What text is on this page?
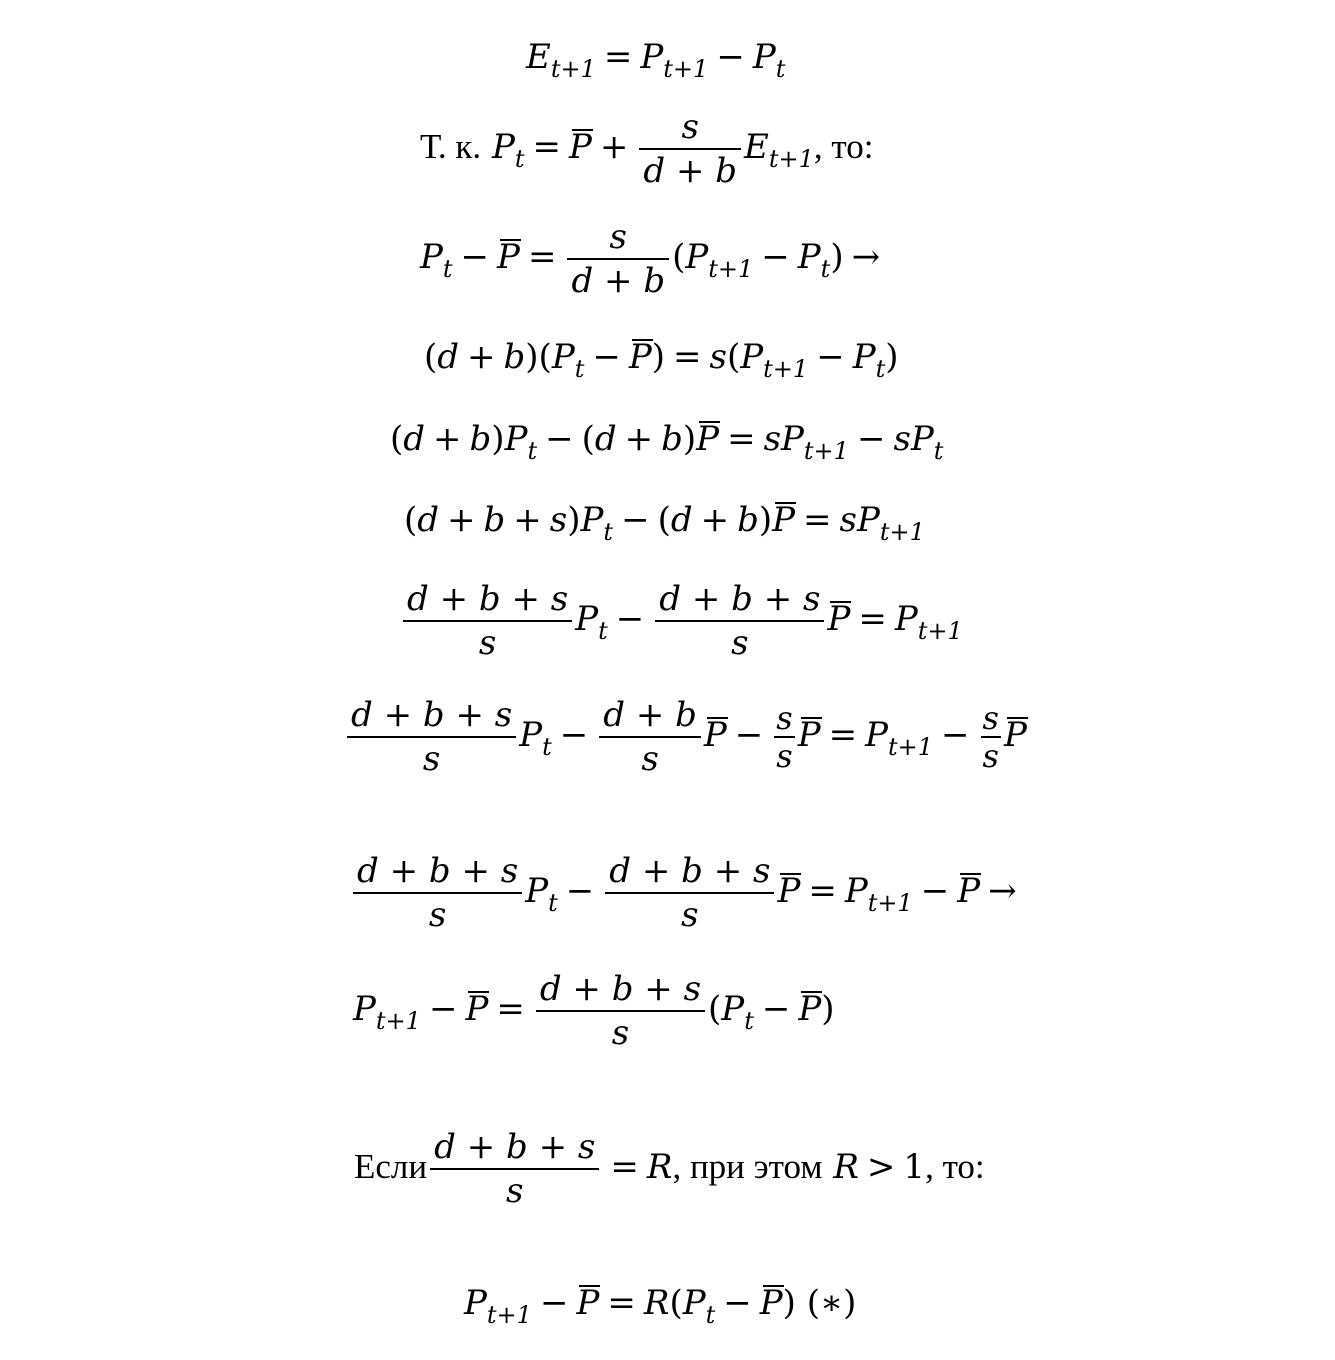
$E_{t+1} = P_{t+1} - P_t$
Т. к. $P_t = P + \frac{s}{d + b} E_{t+1}$, то:
$P_t - P = \frac{s}{d + b} (P_{t+1} - P_t)$ →
$(d + b)(P_t - P) = s(P_{t+1} - P_t)$
$(d + b)P_t - (d + b)P = sP_{t+1} - sP_t$
$(d + b + s)P_t - (d + b)P = sP_{t+1}$
$\frac{d + b + s}{s} P_t - \frac{d + b + s}{s}$ $P = P_{t+1}$
$\frac{d + b + s}{s} P_t - \frac{d + b}{s}$ $P - \frac{s}{s}$ $P = P_{t+1} - \frac{s}{s}$ P
$\frac{d + b + s}{s} P_t - \frac{d + b + s}{s}$ $P = P_{t+1} - P$ →
$P_{t+1} - P = \frac{d + b + s}{s} (P_t - P)$
Если $\frac{d + b + s}{s} = R$, при этом R > 1, то:
$P_{t+1} - P = R(P_t - P)$ (∗)
